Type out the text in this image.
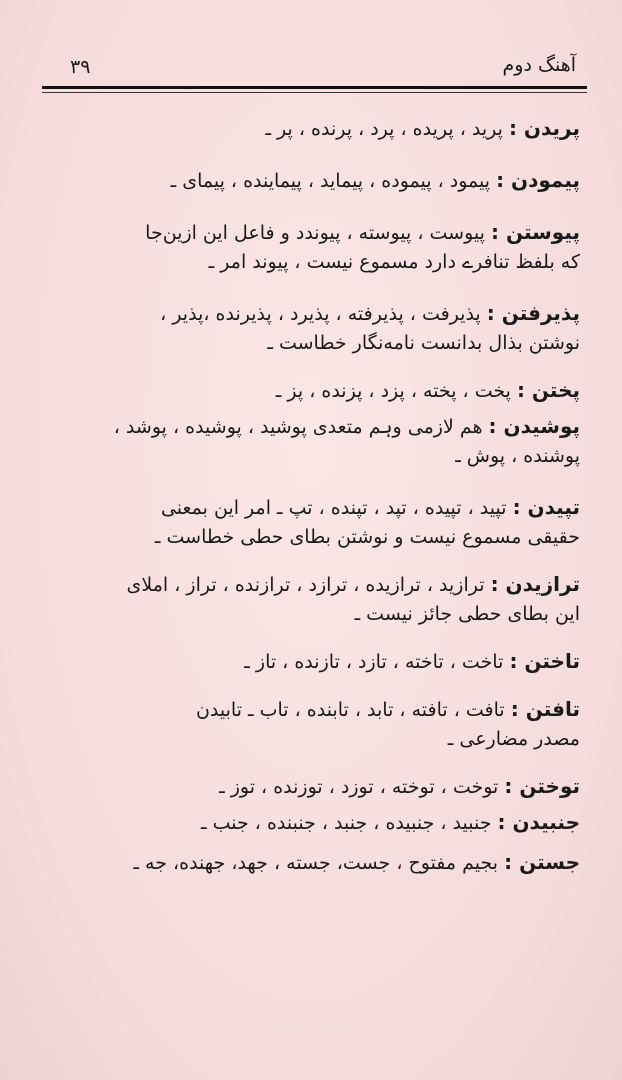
آهنگ دوم
۳۹
پریدن : پرید ، پریده ، پرد ، پرنده ، پر ـ
پیمودن : پیمود ، پیموده ، پیماید ، پیماینده ، پیمای ـ
پیوستن : پیوست ، پیوسته ، پیوندد و فاعل این ازین‌جا
که بلفظ تنافرے دارد مسموع نیست ، پیوند امر ـ
پذیرفتن : پذیرفت ، پذیرفته ، پذیرد ، پذیرنده ،پذیر ،
نوشتن بذال بدانست نامه‌نگار خطاست ـ
پختن : پخت ، پخته ، پزد ، پزنده ، پز ـ
پوشیدن : هم لازمی وہم متعدی پوشید ، پوشیده ، پوشد ،
پوشنده ، پوش ـ
تپیدن : تپید ، تپیده ، تپد ، تپنده ، تپ ـ امر این بمعنی
حقیقی مسموع نیست و نوشتن بطای حطی خطاست ـ
ترازیدن : ترازید ، ترازیده ، ترازد ، ترازنده ، تراز ، املای
این بطای حطی جائز نیست ـ
تاختن : تاخت ، تاخته ، تازد ، تازنده ، تاز ـ
تافتن : تافت ، تافته ، تابد ، تابنده ، تاب ـ تابیدن
مصدر مضارعی ـ
توختن : توخت ، توخته ، توزد ، توزنده ، توز ـ
جنبیدن : جنبید ، جنبیده ، جنبد ، جنبنده ، جنب ـ
جستن : بجیم مفتوح ، جست، جسته ، جهد، جهنده، جه ـ
